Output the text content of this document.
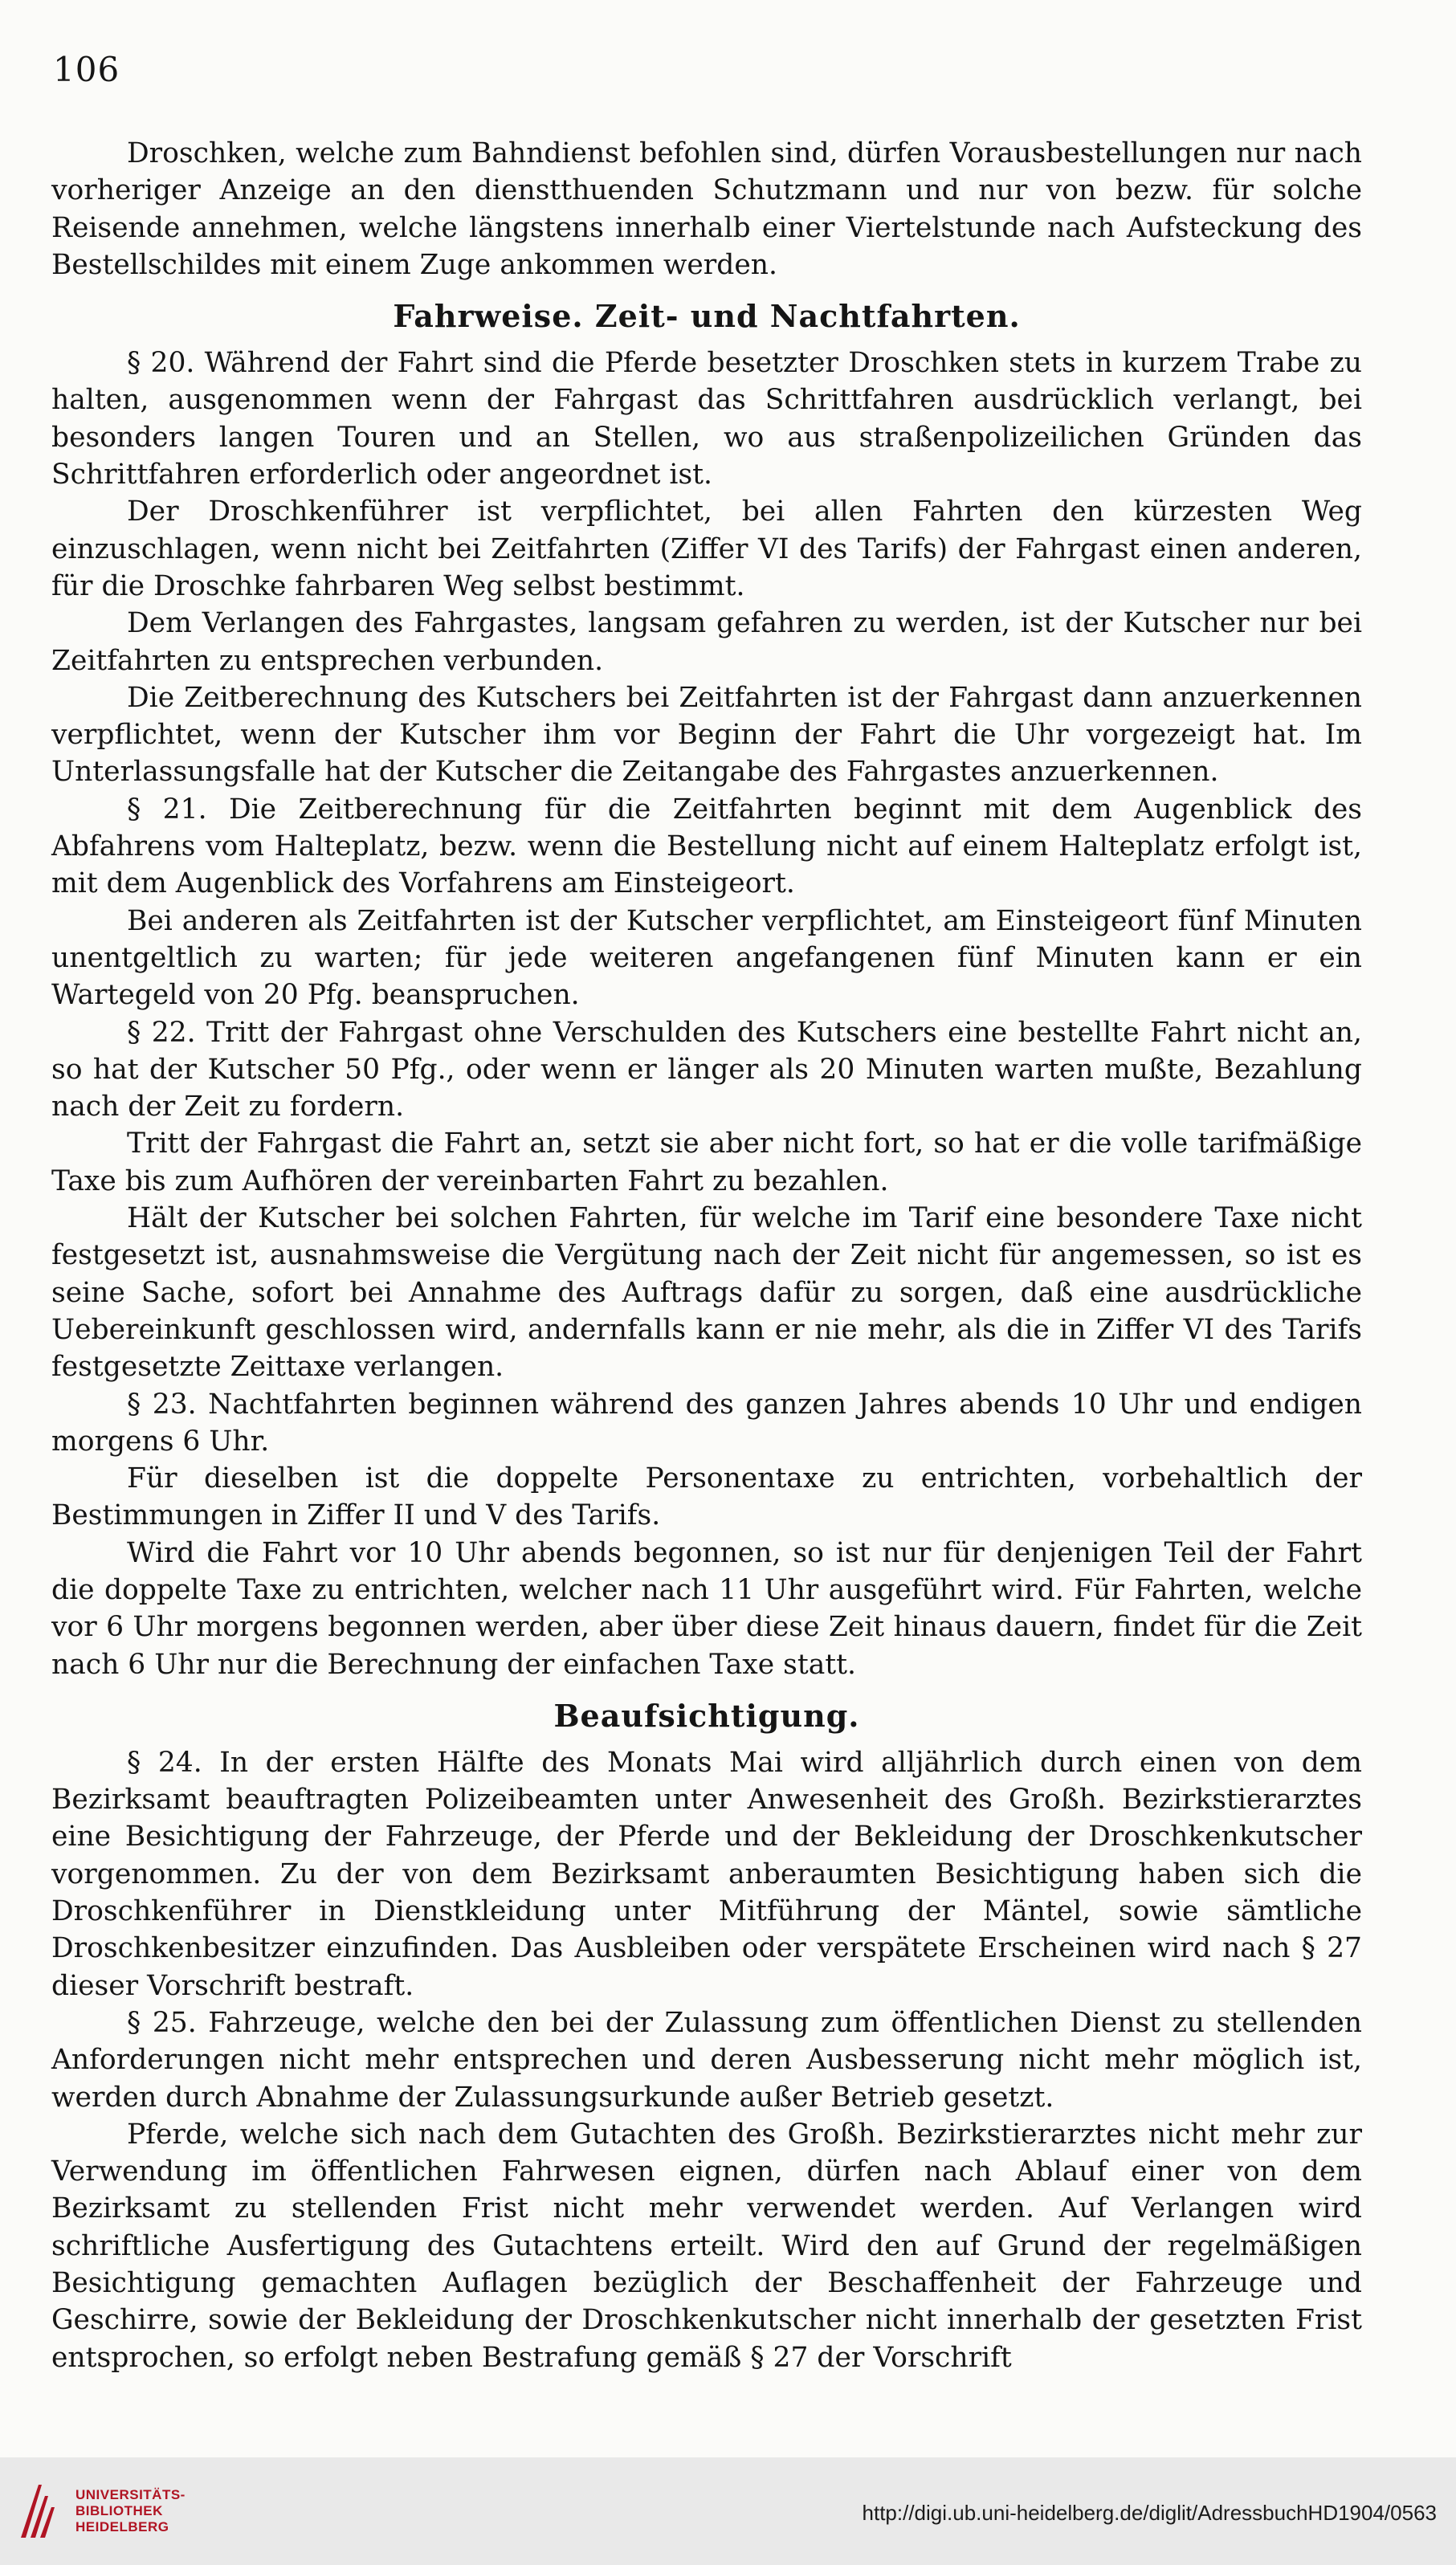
106

Droschken, welche zum Bahndienst befohlen sind, dürfen Vorausbestellungen nur nach vorheriger Anzeige an den dienstthuenden Schutzmann und nur von bezw. für solche Reisende annehmen, welche längstens innerhalb einer Viertelstunde nach Aufsteckung des Bestellschildes mit einem Zuge ankommen werden.

Fahrweise. Zeit- und Nachtfahrten.

§ 20. Während der Fahrt sind die Pferde besetzter Droschken stets in kurzem Trabe zu halten, ausgenommen wenn der Fahrgast das Schrittfahren ausdrücklich verlangt, bei besonders langen Touren und an Stellen, wo aus straßenpolizeilichen Gründen das Schrittfahren erforderlich oder angeordnet ist.

Der Droschkenführer ist verpflichtet, bei allen Fahrten den kürzesten Weg einzuschlagen, wenn nicht bei Zeitfahrten (Ziffer VI des Tarifs) der Fahrgast einen anderen, für die Droschke fahrbaren Weg selbst bestimmt.

Dem Verlangen des Fahrgastes, langsam gefahren zu werden, ist der Kutscher nur bei Zeitfahrten zu entsprechen verbunden.

Die Zeitberechnung des Kutschers bei Zeitfahrten ist der Fahrgast dann anzuerkennen verpflichtet, wenn der Kutscher ihm vor Beginn der Fahrt die Uhr vorgezeigt hat. Im Unterlassungsfalle hat der Kutscher die Zeitangabe des Fahrgastes anzuerkennen.

§ 21. Die Zeitberechnung für die Zeitfahrten beginnt mit dem Augenblick des Abfahrens vom Halteplatz, bezw. wenn die Bestellung nicht auf einem Halteplatz erfolgt ist, mit dem Augenblick des Vorfahrens am Einsteigeort.

Bei anderen als Zeitfahrten ist der Kutscher verpflichtet, am Einsteigeort fünf Minuten unentgeltlich zu warten; für jede weiteren angefangenen fünf Minuten kann er ein Wartegeld von 20 Pfg. beanspruchen.

§ 22. Tritt der Fahrgast ohne Verschulden des Kutschers eine bestellte Fahrt nicht an, so hat der Kutscher 50 Pfg., oder wenn er länger als 20 Minuten warten mußte, Bezahlung nach der Zeit zu fordern.

Tritt der Fahrgast die Fahrt an, setzt sie aber nicht fort, so hat er die volle tarifmäßige Taxe bis zum Aufhören der vereinbarten Fahrt zu bezahlen.

Hält der Kutscher bei solchen Fahrten, für welche im Tarif eine besondere Taxe nicht festgesetzt ist, ausnahmsweise die Vergütung nach der Zeit nicht für angemessen, so ist es seine Sache, sofort bei Annahme des Auftrags dafür zu sorgen, daß eine ausdrückliche Uebereinkunft geschlossen wird, andernfalls kann er nie mehr, als die in Ziffer VI des Tarifs festgesetzte Zeittaxe verlangen.

§ 23. Nachtfahrten beginnen während des ganzen Jahres abends 10 Uhr und endigen morgens 6 Uhr.

Für dieselben ist die doppelte Personentaxe zu entrichten, vorbehaltlich der Bestimmungen in Ziffer II und V des Tarifs.

Wird die Fahrt vor 10 Uhr abends begonnen, so ist nur für denjenigen Teil der Fahrt die doppelte Taxe zu entrichten, welcher nach 11 Uhr ausgeführt wird. Für Fahrten, welche vor 6 Uhr morgens begonnen werden, aber über diese Zeit hinaus dauern, findet für die Zeit nach 6 Uhr nur die Berechnung der einfachen Taxe statt.

Beaufsichtigung.

§ 24. In der ersten Hälfte des Monats Mai wird alljährlich durch einen von dem Bezirksamt beauftragten Polizeibeamten unter Anwesenheit des Großh. Bezirkstierarztes eine Besichtigung der Fahrzeuge, der Pferde und der Bekleidung der Droschkenkutscher vorgenommen. Zu der von dem Bezirksamt anberaumten Besichtigung haben sich die Droschkenführer in Dienstkleidung unter Mitführung der Mäntel, sowie sämtliche Droschkenbesitzer einzufinden. Das Ausbleiben oder verspätete Erscheinen wird nach § 27 dieser Vorschrift bestraft.

§ 25. Fahrzeuge, welche den bei der Zulassung zum öffentlichen Dienst zu stellenden Anforderungen nicht mehr entsprechen und deren Ausbesserung nicht mehr möglich ist, werden durch Abnahme der Zulassungsurkunde außer Betrieb gesetzt.

Pferde, welche sich nach dem Gutachten des Großh. Bezirkstierarztes nicht mehr zur Verwendung im öffentlichen Fahrwesen eignen, dürfen nach Ablauf einer von dem Bezirksamt zu stellenden Frist nicht mehr verwendet werden. Auf Verlangen wird schriftliche Ausfertigung des Gutachtens erteilt. Wird den auf Grund der regelmäßigen Besichtigung gemachten Auflagen bezüglich der Beschaffenheit der Fahrzeuge und Geschirre, sowie der Bekleidung der Droschkenkutscher nicht innerhalb der gesetzten Frist entsprochen, so erfolgt neben Bestrafung gemäß § 27 der Vorschrift

UNIVERSITÄTS-
BIBLIOTHEK
HEIDELBERG
http://digi.ub.uni-heidelberg.de/diglit/AdressbuchHD1904/0563
